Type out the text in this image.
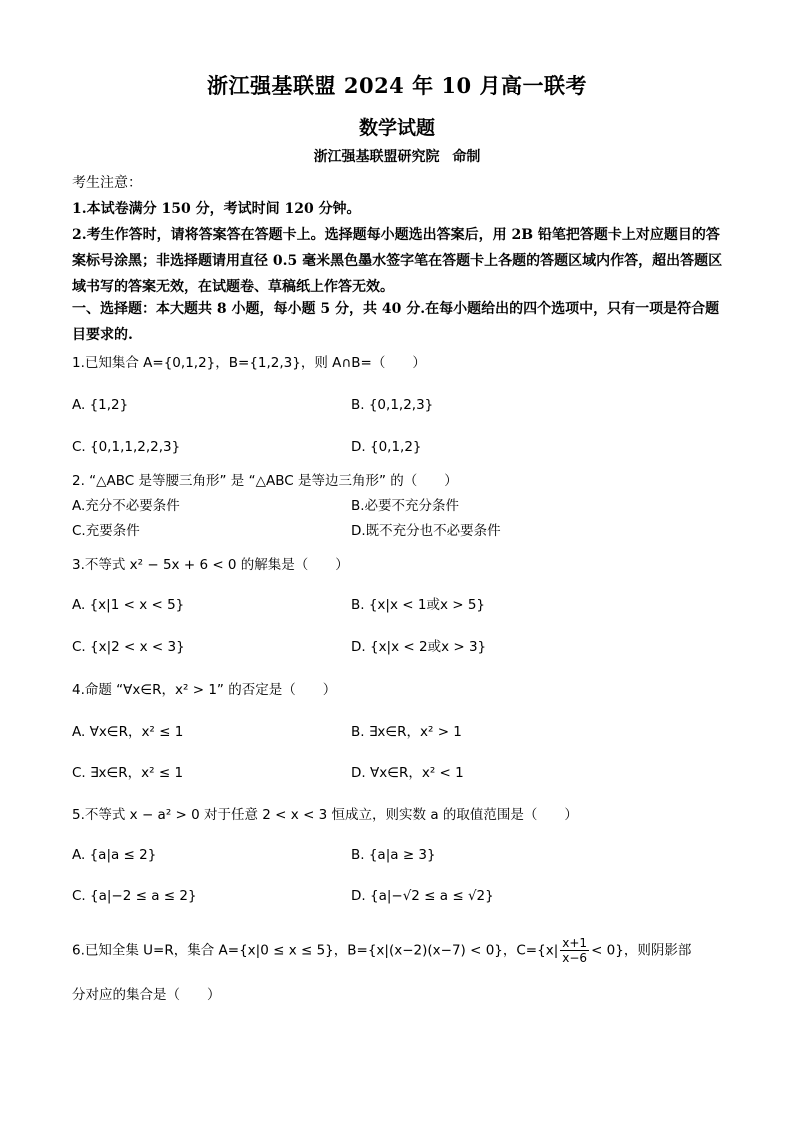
浙江强基联盟 2024 年 10 月高一联考
数学试题
浙江强基联盟研究院 命制
考生注意：
1.本试卷满分 150 分，考试时间 120 分钟。
2.考生作答时，请将答案答在答题卡上。选择题每小题选出答案后，用 2B 铅笔把答题卡上对应题目的答案标号涂黑；非选择题请用直径 0.5 毫米黑色墨水签字笔在答题卡上各题的答题区域内作答，超出答题区域书写的答案无效，在试题卷、草稿纸上作答无效。
一、选择题：本大题共 8 小题，每小题 5 分，共 40 分.在每小题给出的四个选项中，只有一项是符合题目要求的.
1.已知集合 A={0,1,2}，B={1,2,3}，则 A∩B=（　　）
A. {1,2}	B. {0,1,2,3}
C. {0,1,1,2,2,3}	D. {0,1,2}
2. “△ABC 是等腰三角形” 是 “△ABC 是等边三角形” 的（　　）
A.充分不必要条件	B.必要不充分条件
C.充要条件	D.既不充分也不必要条件
3.不等式 x² − 5x + 6 < 0 的解集是（　　）
A. {x|1 < x < 5}	B. {x|x < 1或x > 5}
C. {x|2 < x < 3}	D. {x|x < 2或x > 3}
4.命题 “∀x∈R，x² > 1” 的否定是（　　）
A. ∀x∈R，x² ≤ 1	B. ∃x∈R，x² > 1
C. ∃x∈R，x² ≤ 1	D. ∀x∈R，x² < 1
5.不等式 x − a² > 0 对于任意 2 < x < 3 恒成立，则实数 a 的取值范围是（　　）
A. {a|a ≤ 2}	B. {a|a ≥ 3}
C. {a|−2 ≤ a ≤ 2}	D. {a|−√2 ≤ a ≤ √2}
6.已知全集 U=R，集合 A={x|0 ≤ x ≤ 5}，B={x|(x−2)(x−7) < 0}，$C=\{x| \frac{x+1}{x-6} < 0\}$，则阴影部
分对应的集合是（　　）
